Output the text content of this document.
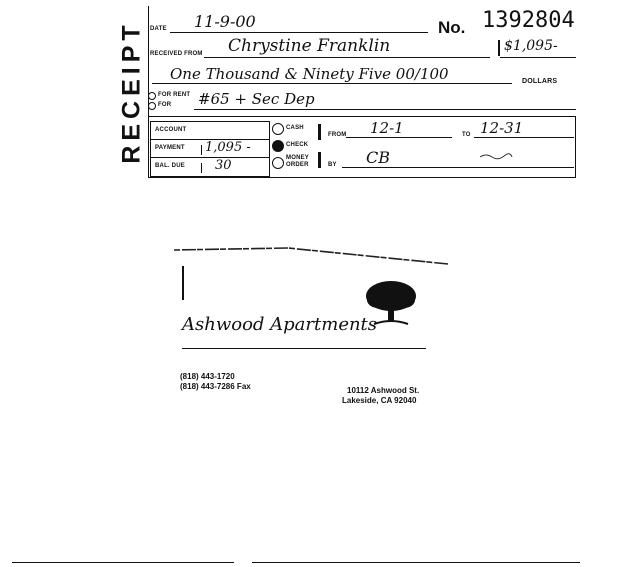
RECEIPT DATE 11-9-00	No. 1392804
RECEIVED FROM Chrystine Franklin	$1,095-
One Thousand & Ninety Five 00/100	DOLLARS
FOR RENT
FOR #65 + Sec Dep
ACCOUNT
PAYMENT	1,095 -
BAL. DUE	30
CASH
CHECK
MONEY
ORDER
FROM 12-1	TO 12-31
BY CB
Ashwood Apartments
(818) 443-1720
(818) 443-7286 Fax	10112 Ashwood St.
Lakeside, CA 92040
